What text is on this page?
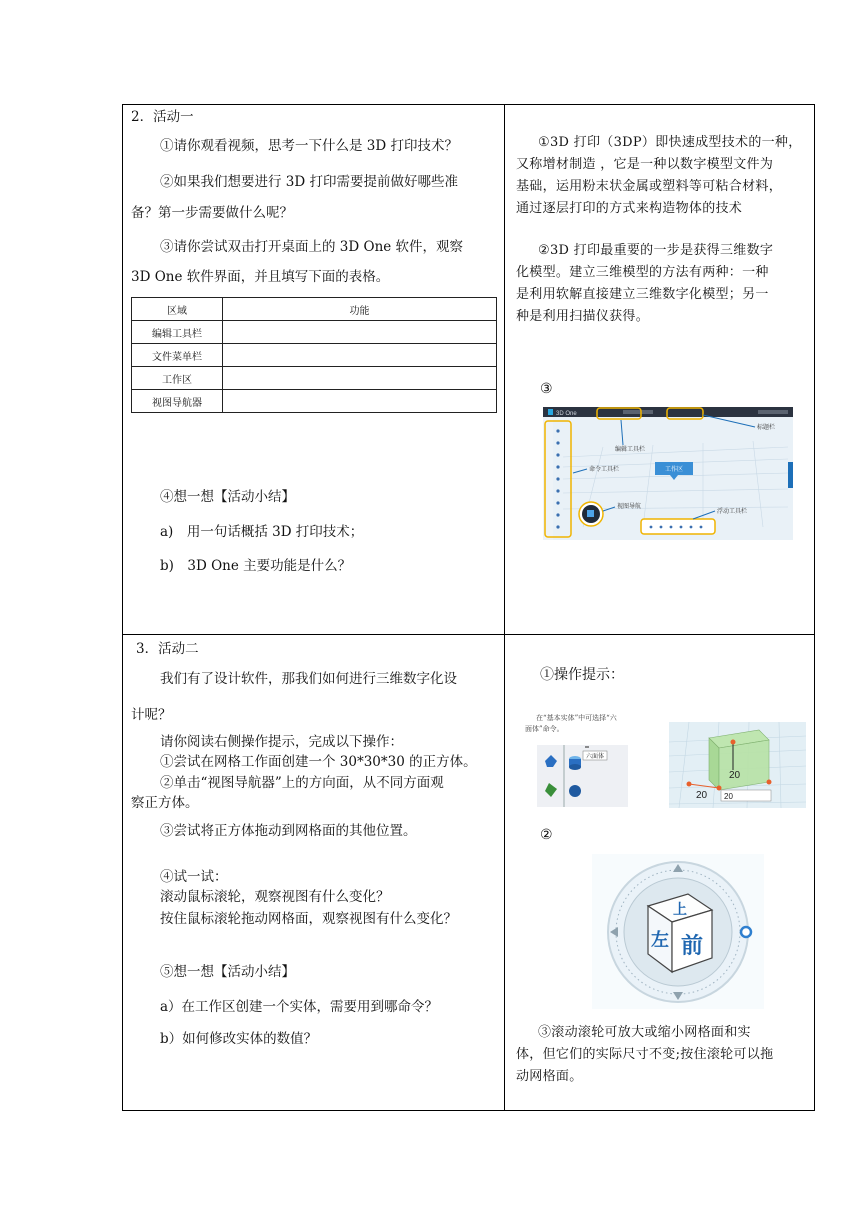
2．活动一
①请你观看视频，思考一下什么是 3D 打印技术？
②如果我们想要进行 3D 打印需要提前做好哪些准
备？第一步需要做什么呢？
③请你尝试双击打开桌面上的 3D One 软件，观察
3D One 软件界面，并且填写下面的表格。
区域	功能
编辑工具栏	
文件菜单栏	
工作区	
视图导航器	
④想一想【活动小结】
a)　用一句话概括 3D 打印技术；
b)　3D One 主要功能是什么？
①3D 打印（3DP）即快速成型技术的一种，
又称增材制造 ，它是一种以数字模型文件为
基础，运用粉末状金属或塑料等可粘合材料，
通过逐层打印的方式来构造物体的技术
②3D 打印最重要的一步是获得三维数字
化模型。建立三维模型的方法有两种：一种
是利用软解直接建立三维数字化模型；另一
种是利用扫描仪获得。
③
3D One
标题栏
编辑工具栏
命令工具栏	工作区
视图导航
浮动工具栏
3．活动二
我们有了设计软件，那我们如何进行三维数字化设
计呢？
请你阅读右侧操作提示，完成以下操作：
①尝试在网格工作面创建一个 30*30*30 的正方体。
②单击“视图导航器”上的方向面，从不同方面观
察正方体。
③尝试将正方体拖动到网格面的其他位置。
④试一试：
滚动鼠标滚轮，观察视图有什么变化？
按住鼠标滚轮拖动网格面，观察视图有什么变化？
⑤想一想【活动小结】
a）在工作区创建一个实体，需要用到哪命令？
b）如何修改实体的数值？
①操作提示：
在“基本实体”中可选择“六
面体”命令。
六面体
20
20 20
②
上
左 前
③滚动滚轮可放大或缩小网格面和实
体，但它们的实际尺寸不变;按住滚轮可以拖
动网格面。
